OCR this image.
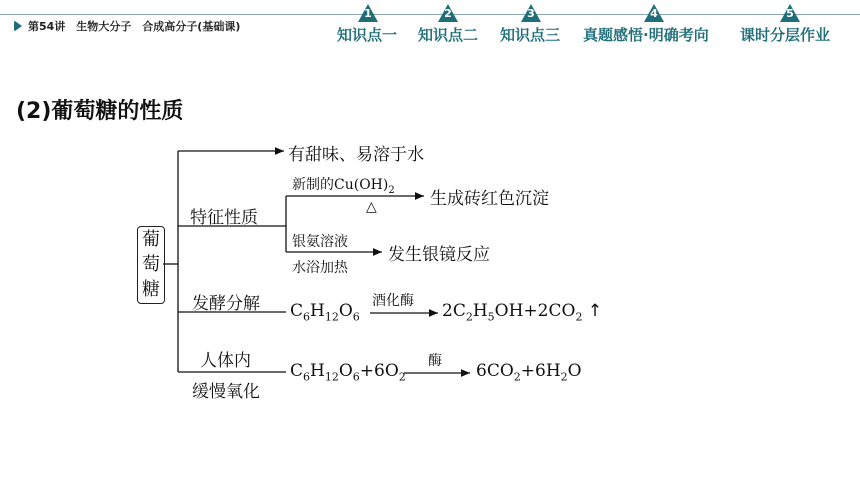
第54讲　生物大分子　合成高分子(基础课)
1
知识点一
2
知识点二
3
知识点三
4
真题感悟·明确考向
5
课时分层作业
(2)葡萄糖的性质
葡
萄
糖
有甜味、易溶于水
特征性质
新制的$Cu(OH)_2$
△	生成砖红色沉淀
银氨溶液
水浴加热
发生银镜反应
发酵分解 $C_6H_{12}O_6$
酒化酶 $2C_2H_5OH+2CO_2$ ↑
人体内
缓慢氧化
$C_6H_{12}O_6+6O_2$
酶 $6CO_2+6H_2O$
